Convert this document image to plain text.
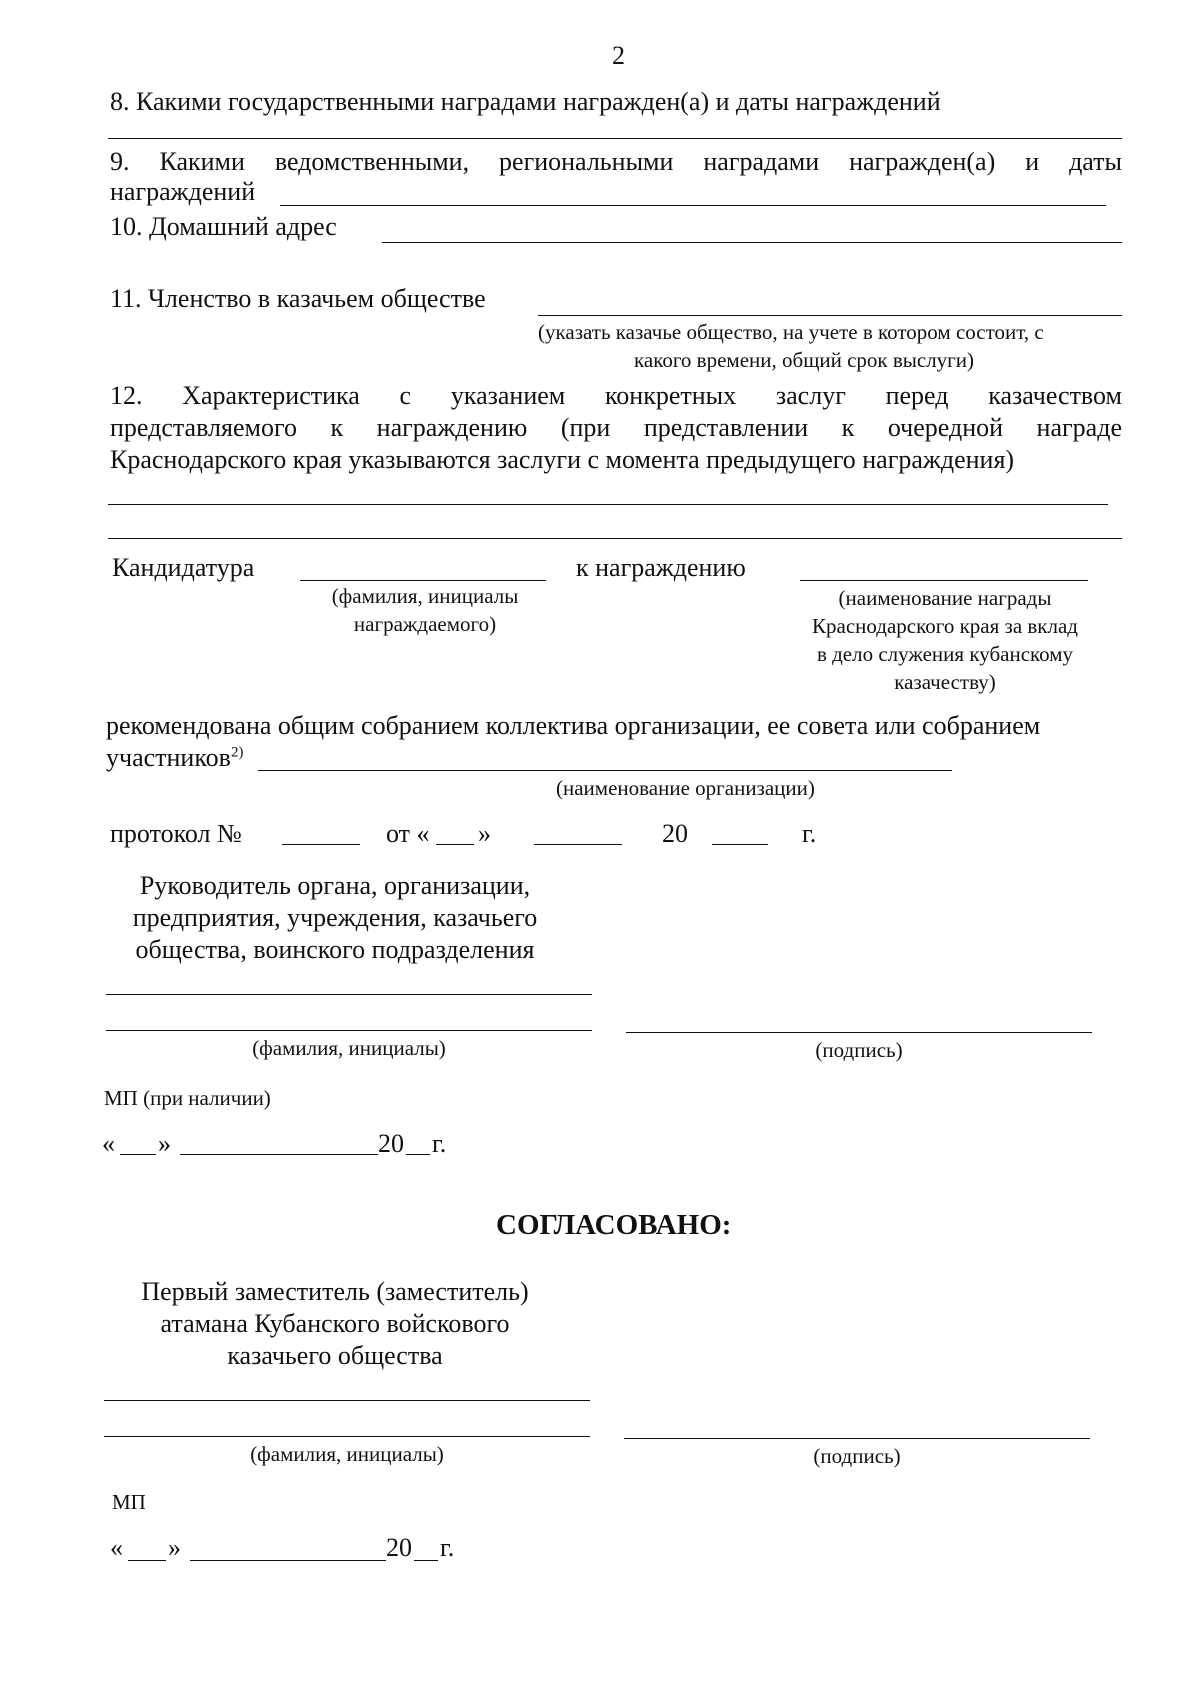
2
8. Какими государственными наградами награжден(а) и даты награждений
9. Какими ведомственными, региональными наградами награжден(а) и даты
награждений
10. Домашний адрес
11. Членство в казачьем обществе
(указать казачье общество, на учете в котором состоит, с
какого времени, общий срок выслуги)
12. Характеристика с указанием конкретных заслуг перед казачеством
представляемого к награждению (при представлении к очередной награде
Краснодарского края указываются заслуги с момента предыдущего награждения)
Кандидатура
(фамилия, инициалы
награждаемого)
к награждению
(наименование награды
Краснодарского края за вклад
в дело служения кубанскому
казачеству)
рекомендована общим собранием коллектива организации, ее совета или собранием
участников$^{2)}$
(наименование организации)
протокол №	от « »	20	г.
Руководитель органа, организации,
предприятия, учреждения, казачьего
общества, воинского подразделения
(фамилия, инициалы)	(подпись)
МП (при наличии)
« »	20 г.
СОГЛАСОВАНО:
Первый заместитель (заместитель)
атамана Кубанского войскового
казачьего общества
(фамилия, инициалы)	(подпись)
МП
« »	20 г.
